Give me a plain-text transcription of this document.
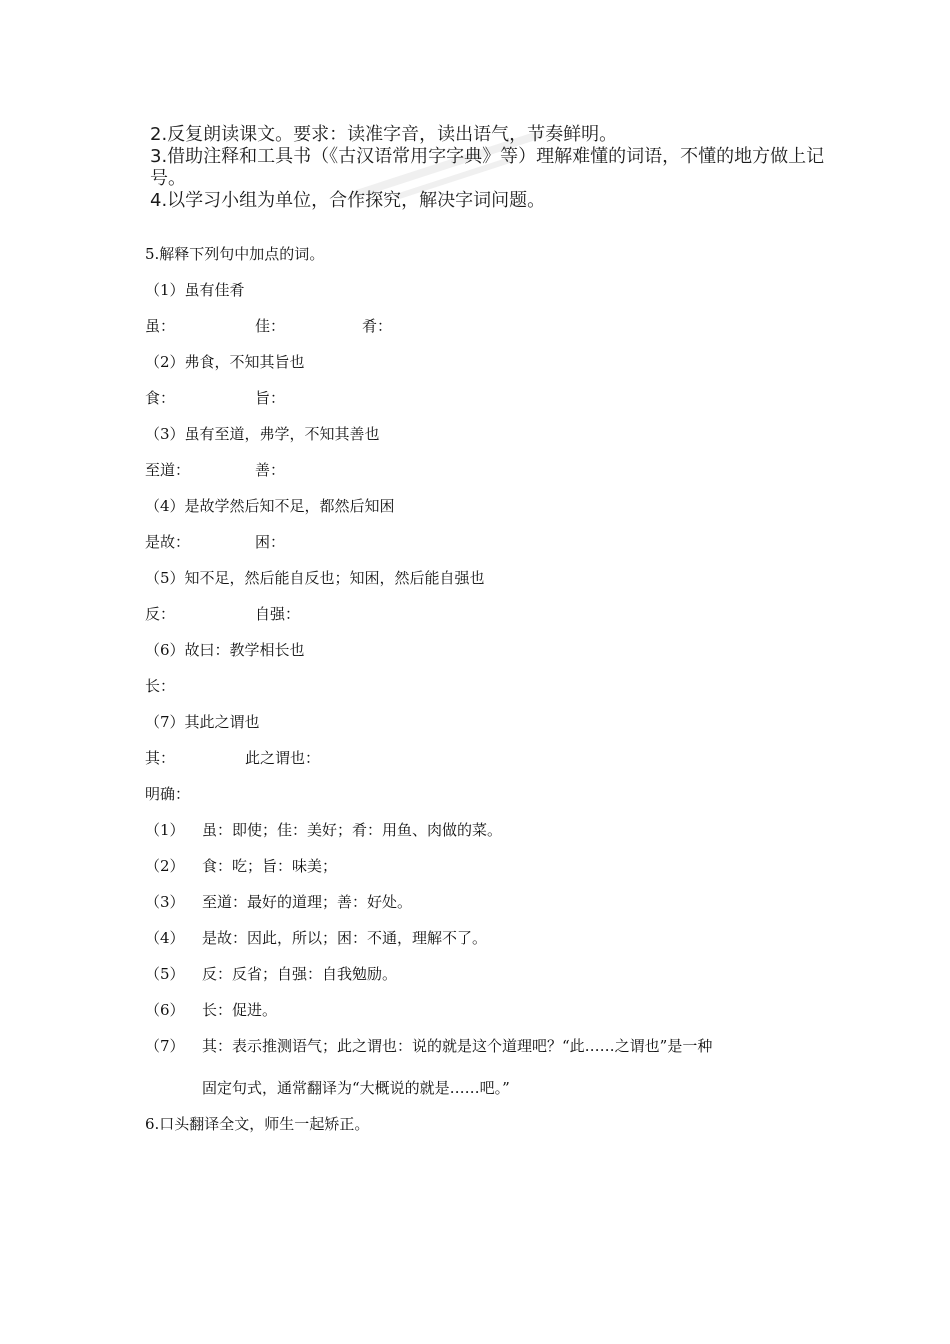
2.反复朗读课文。要求：读准字音，读出语气，节奏鲜明。

3.借助注释和工具书（《古汉语常用字字典》等）理解难懂的词语，不懂的地方做上记号。

4.以学习小组为单位，合作探究，解决字词问题。

5.解释下列句中加点的词。
（1）虽有佳肴
虽：	佳：	肴：
（2）弗食，不知其旨也
食：	旨：
（3）虽有至道，弗学，不知其善也
至道：	善：
（4）是故学然后知不足，都然后知困
是故：	困：
（5）知不足，然后能自反也；知困，然后能自强也
反：	自强：
（6）故曰：教学相长也
长：
（7）其此之谓也
其：	此之谓也：
明确：
（1） 虽：即使；佳：美好；肴：用鱼、肉做的菜。
（2） 食：吃；旨：味美；
（3） 至道：最好的道理；善：好处。
（4） 是故：因此，所以；困：不通，理解不了。
（5） 反：反省；自强：自我勉励。
（6） 长：促进。
（7） 其：表示推测语气；此之谓也：说的就是这个道理吧？“此……之谓也”是一种
固定句式，通常翻译为“大概说的就是……吧。”
6.口头翻译全文，师生一起矫正。
